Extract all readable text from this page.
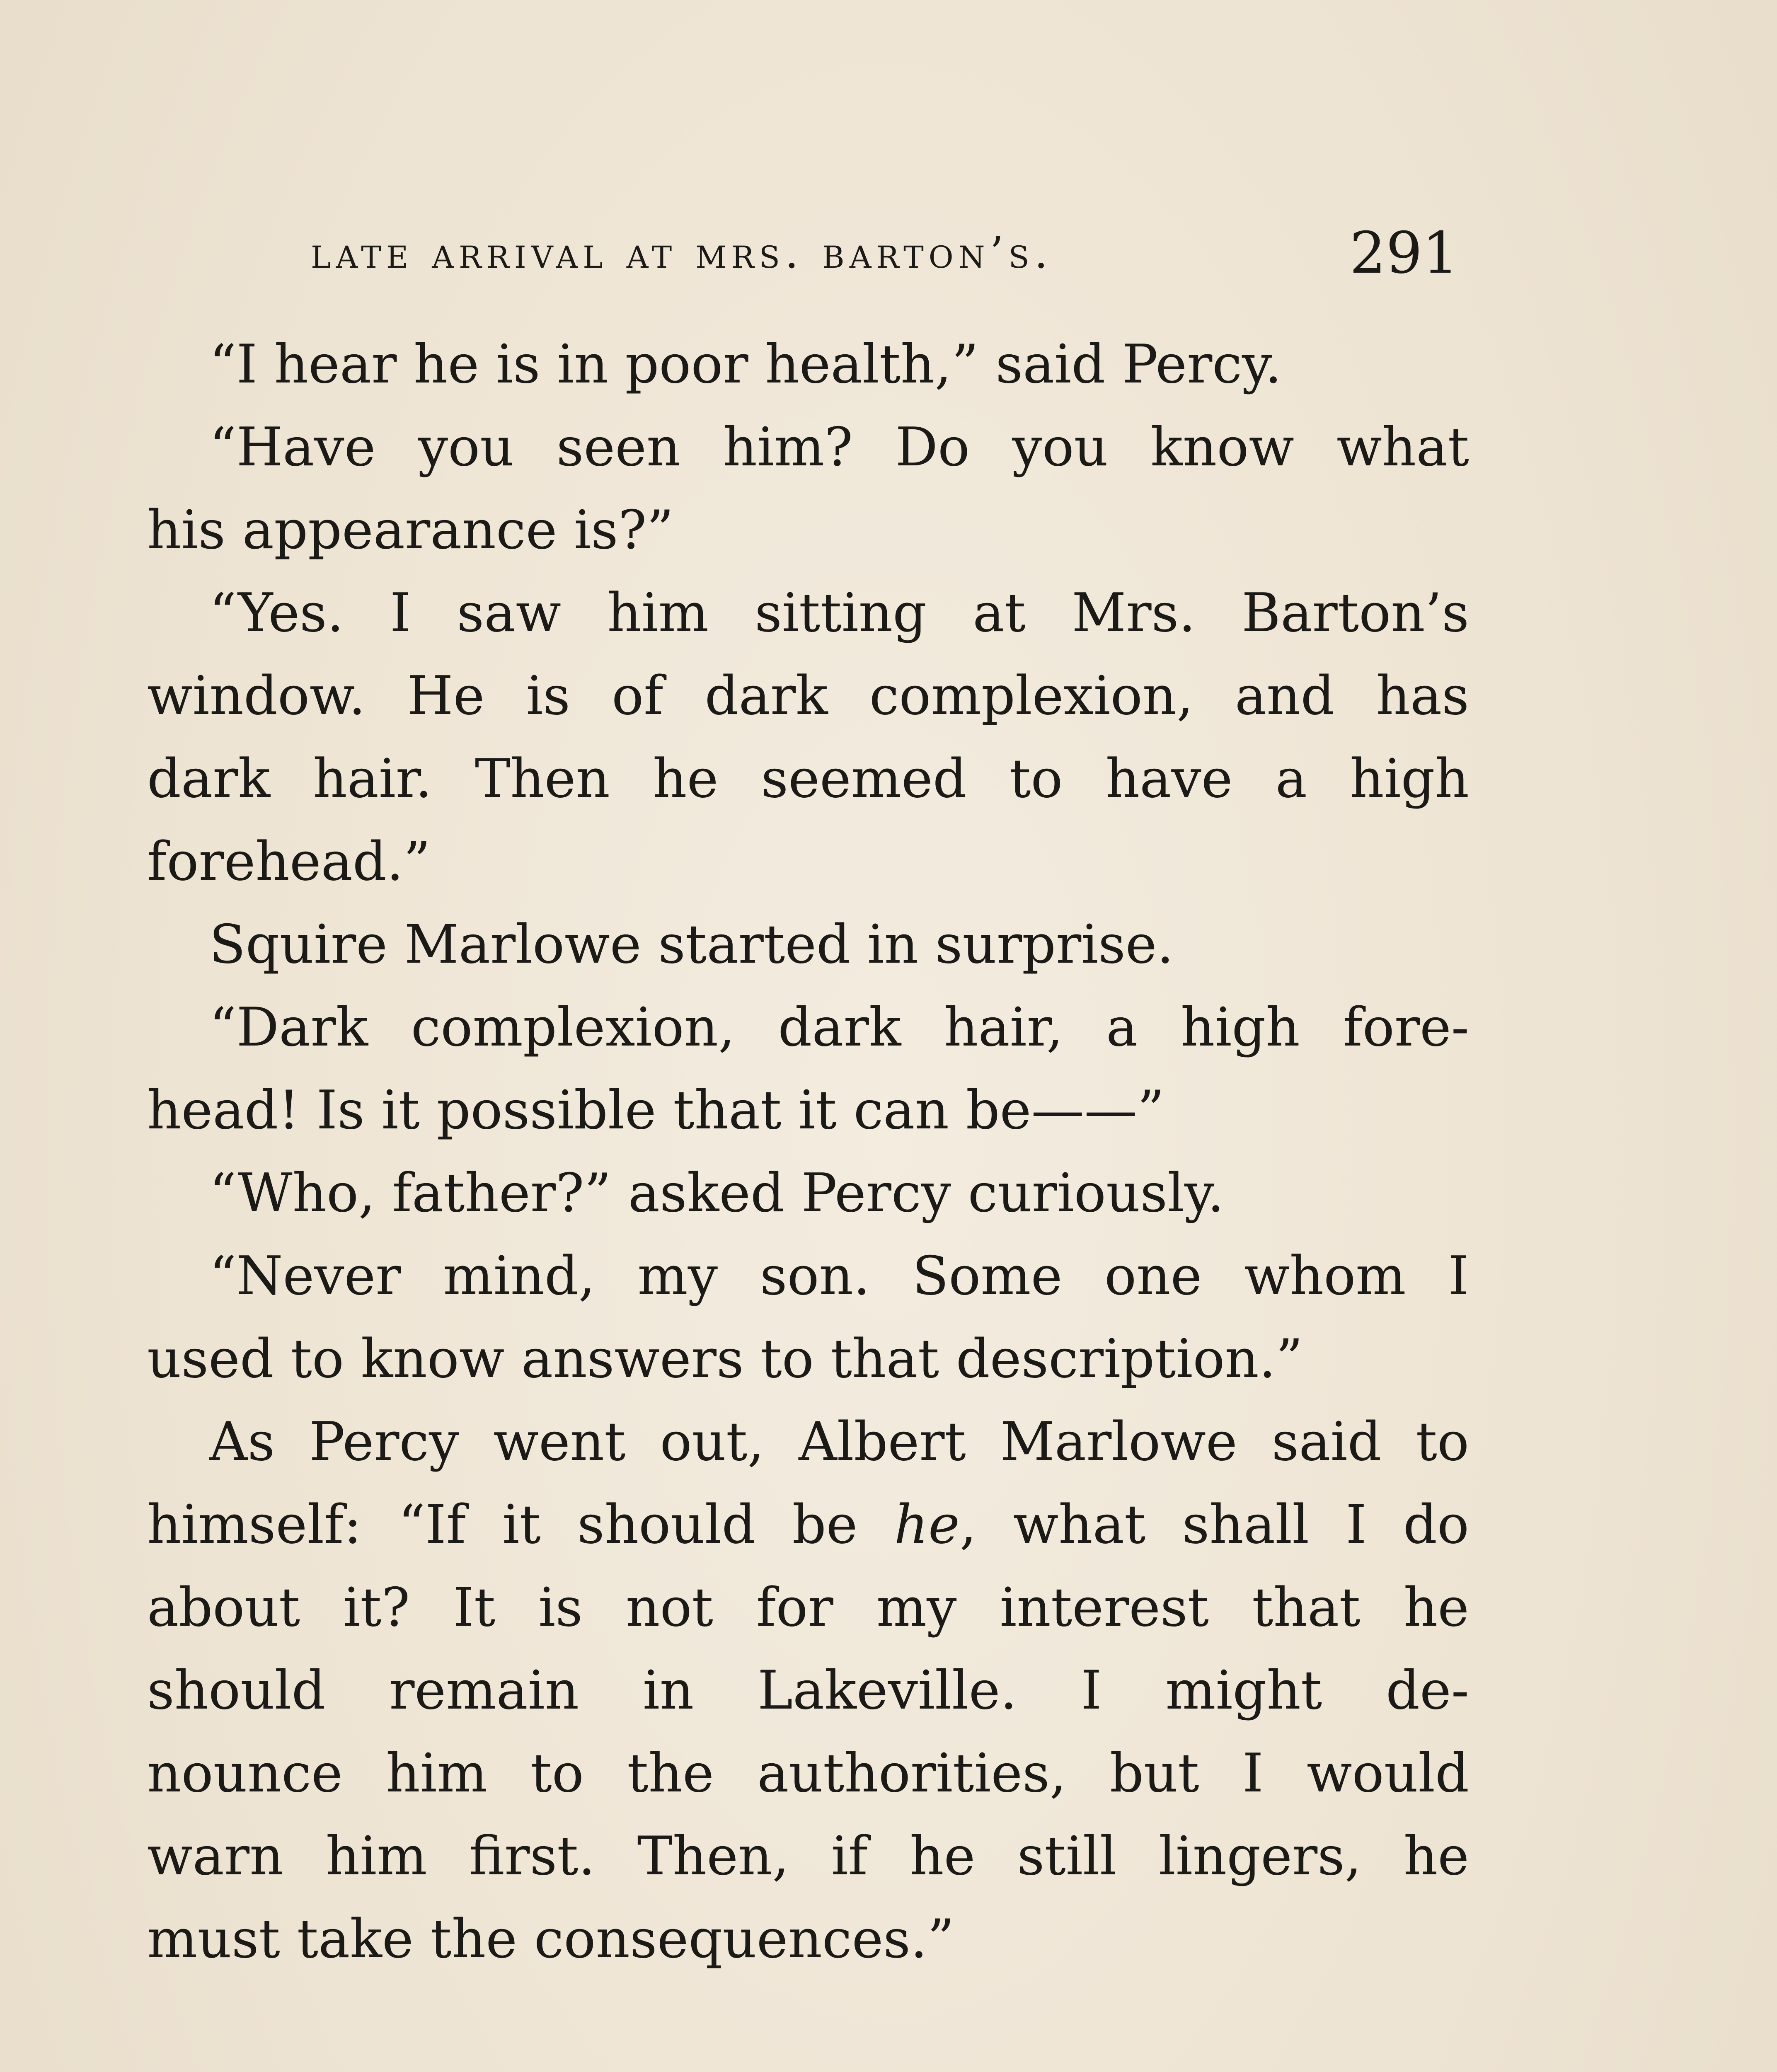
late arrival at mrs. barton’s.	291
“I hear he is in poor health,” said Percy.
“Have you seen him? Do you know what
his appearance is?”
“Yes. I saw him sitting at Mrs. Barton’s
window. He is of dark complexion, and has
dark hair. Then he seemed to have a high
forehead.”
Squire Marlowe started in surprise.
“Dark complexion, dark hair, a high fore-
head! Is it possible that it can be——”
“Who, father?” asked Percy curiously.
“Never mind, my son. Some one whom I
used to know answers to that description.”
As Percy went out, Albert Marlowe said to
himself: “If it should be he, what shall I do
about it? It is not for my interest that he
should remain in Lakeville. I might de-
nounce him to the authorities, but I would
warn him first. Then, if he still lingers, he
must take the consequences.”
